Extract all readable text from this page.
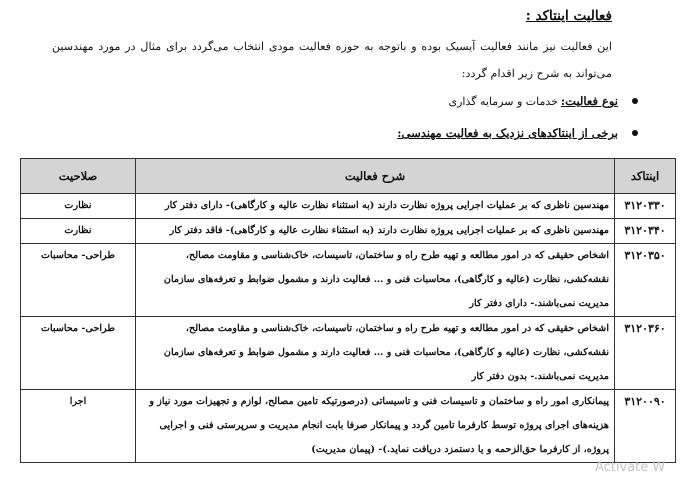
فعالیت اینتاکد :
این فعالیت نیز مانند فعالیت آیسیک بوده و باتوجه به حوزه فعالیت مودی انتخاب می‌گردد برای مثال در مورد مهندسین می‌تواند به شرح زیر اقدام گردد:
نوع فعالیت:
خدمات و سرمایه گذاری
برخی از اینتاکدهای نزدیک به فعالیت مهندسی:
اینتاکد	شرح فعالیت	صلاحیت
۳۱۲۰۳۳۰	مهندسین ناظری که بر عملیات اجرایی پروژه نظارت دارند (به استثناء نظارت عالیه و کارگاهی)- دارای دفتر کار	نظارت
۳۱۲۰۳۴۰	مهندسین ناظری که بر عملیات اجرایی پروژه نظارت دارند (به استثناء نظارت عالیه و کارگاهی)- فاقد دفتر کار	نظارت
۳۱۲۰۳۵۰	اشخاص حقیقی که در امور مطالعه و تهیه طرح راه و ساختمان، تاسیسات، خاک‌شناسی و مقاومت مصالح، نقشه‌کشی، نظارت (عالیه و کارگاهی)، محاسبات فنی و … فعالیت دارند و مشمول ضوابط و تعرفه‌های سازمان مدیریت نمی‌باشند.- دارای دفتر کار	طراحی- محاسبات
۳۱۲۰۳۶۰	اشخاص حقیقی که در امور مطالعه و تهیه طرح راه و ساختمان، تاسیسات، خاک‌شناسی و مقاومت مصالح، نقشه‌کشی، نظارت (عالیه و کارگاهی)، محاسبات فنی و … فعالیت دارند و مشمول ضوابط و تعرفه‌های سازمان مدیریت نمی‌باشند.- بدون دفتر کار	طراحی- محاسبات
۳۱۲۰۰۹۰	پیمانکاری امور راه و ساختمان و تاسیسات فنی و تاسیساتی (درصورتیکه تامین مصالح، لوازم و تجهیزات مورد نیاز و هزینه‌های اجرای پروژه توسط کارفرما تامین گردد و پیمانکار صرفا بابت انجام مدیریت و سرپرستی فنی و اجرایی پروژه، از کارفرما حق‌الزحمه و یا دستمزد دریافت نماید.)- (پیمان مدیریت)	اجرا
Activate W
